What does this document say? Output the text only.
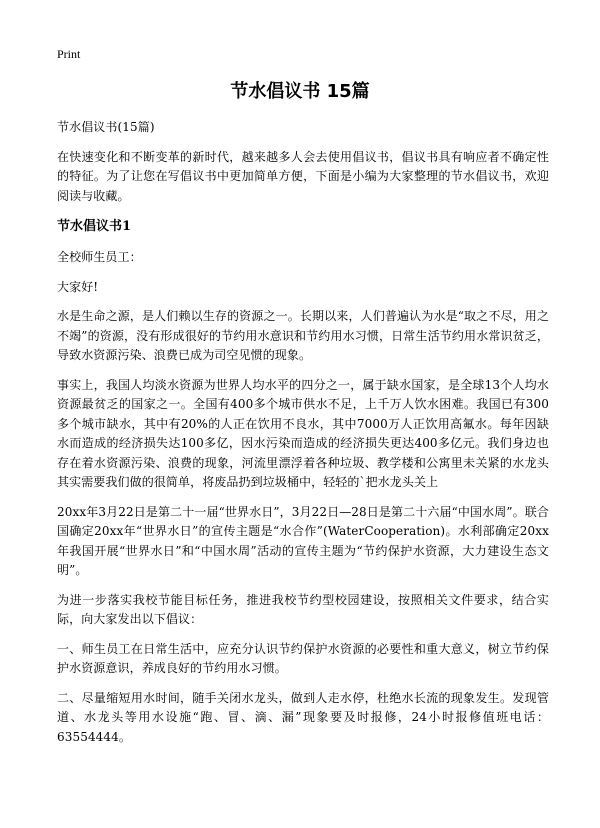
Print
节水倡议书 15篇

节水倡议书(15篇)

在快速变化和不断变革的新时代，越来越多人会去使用倡议书，倡议书具有响应者不确定性的特征。为了让您在写倡议书中更加简单方便，下面是小编为大家整理的节水倡议书，欢迎阅读与收藏。

节水倡议书1

全校师生员工：

大家好!

水是生命之源，是人们赖以生存的资源之一。长期以来，人们普遍认为水是“取之不尽，用之不竭”的资源，没有形成很好的节约用水意识和节约用水习惯，日常生活节约用水常识贫乏，导致水资源污染、浪费已成为司空见惯的现象。

事实上，我国人均淡水资源为世界人均水平的四分之一，属于缺水国家，是全球13个人均水资源最贫乏的国家之一。全国有400多个城市供水不足，上千万人饮水困难。我国已有300多个城市缺水，其中有20%的人正在饮用不良水，其中7000万人正饮用高氟水。每年因缺水而造成的经济损失达100多亿，因水污染而造成的经济损失更达400多亿元。我们身边也存在着水资源污染、浪费的现象，河流里漂浮着各种垃圾、教学楼和公寓里未关紧的水龙头其实需要我们做的很简单，将废品扔到垃圾桶中，轻轻的`把水龙头关上

20xx年3月22日是第二十一届“世界水日”，3月22日—28日是第二十六届“中国水周”。联合国确定20xx年“世界水日”的宣传主题是“水合作”(WaterCooperation)。水利部确定20xx年我国开展“世界水日”和“中国水周”活动的宣传主题为“节约保护水资源，大力建设生态文明”。

为进一步落实我校节能目标任务，推进我校节约型校园建设，按照相关文件要求，结合实际，向大家发出以下倡议：

一、师生员工在日常生活中，应充分认识节约保护水资源的必要性和重大意义，树立节约保护水资源意识，养成良好的节约用水习惯。

二、尽量缩短用水时间，随手关闭水龙头，做到人走水停，杜绝水长流的现象发生。发现管道、水龙头等用水设施“跑、冒、滴、漏”现象要及时报修，24小时报修值班电话：63554444。
